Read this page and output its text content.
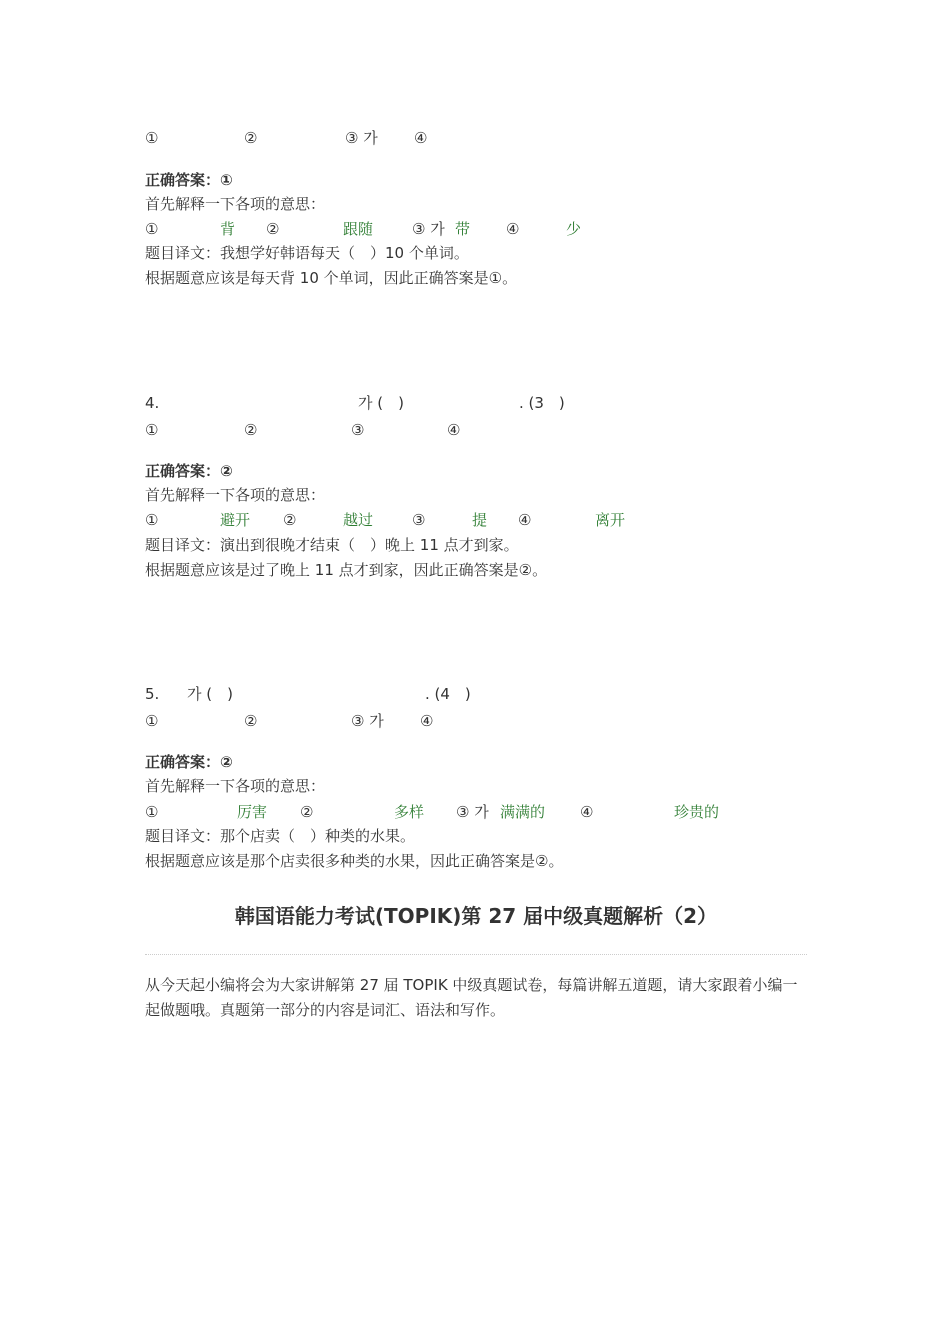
①	②	③ 가 ④
正确答案：①
首先解释一下各项的意思：
①	背 ②	跟随	③ 가 带 ④	少
题目译文：我想学好韩语每天（　）10 个单词。
根据题意应该是每天背 10 个单词，因此正确答案是①。
4.	가 (　)	. (3　)
①	②	③	④
正确答案：②
首先解释一下各项的意思：
①	避开 ②	越过	③	提 ④	离开
题目译文：演出到很晚才结束（　）晚上 11 点才到家。
根据题意应该是过了晚上 11 点才到家，因此正确答案是②。
5. 가 (　)	. (4　)
①	②	③ 가 ④
正确答案：②
首先解释一下各项的意思：
①	厉害 ②	多样 ③ 가 满满的 ④	珍贵的
题目译文：那个店卖（　）种类的水果。
根据题意应该是那个店卖很多种类的水果，因此正确答案是②。
韩国语能力考试(TOPIK)第 27 届中级真题解析（2）
从今天起小编将会为大家讲解第 27 届 TOPIK 中级真题试卷，每篇讲解五道题，请大家跟着小编一起做题哦。真题第一部分的内容是词汇、语法和写作。
